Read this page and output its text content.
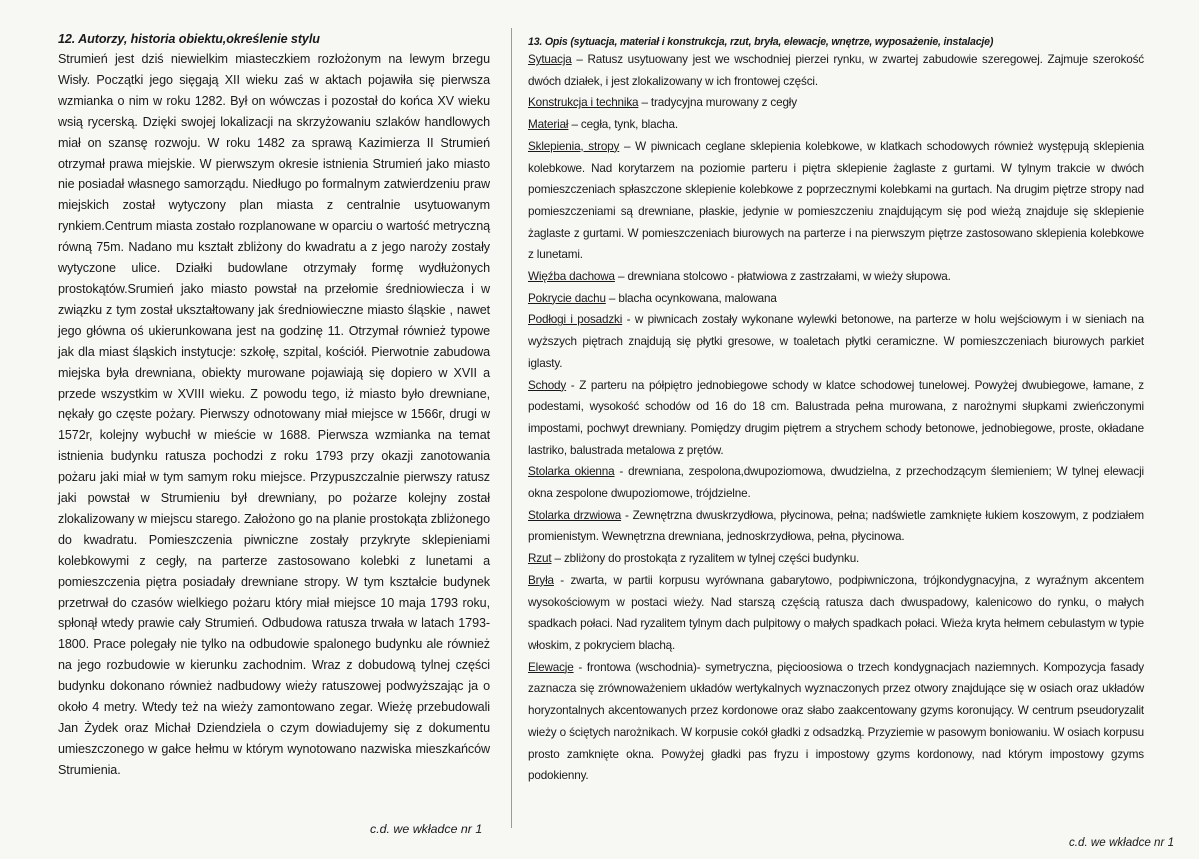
12. Autorzy, historia obiektu,określenie stylu

Strumień jest dziś niewielkim miasteczkiem rozłożonym na lewym brzegu Wisły. Początki jego sięgają XII wieku zaś w aktach pojawiła się pierwsza wzmianka o nim w roku 1282. Był on wówczas i pozostał do końca XV wieku wsią rycerską. Dzięki swojej lokalizacji na skrzyżowaniu szlaków handlowych miał on szansę rozwoju. W roku 1482 za sprawą Kazimierza II Strumień otrzymał prawa miejskie. W pierwszym okresie istnienia Strumień jako miasto nie posiadał własnego samorządu. Niedługo po formalnym zatwierdzeniu praw miejskich został wytyczony plan miasta z centralnie usytuowanym rynkiem.Centrum miasta zostało rozplanowane w oparciu o wartość metryczną równą 75m. Nadano mu kształt zbliżony do kwadratu a z jego naroży zostały wytyczone ulice. Działki budowlane otrzymały formę wydłużonych prostokątów.Srumień jako miasto powstał na przełomie średniowiecza i w związku z tym został ukształtowany jak średniowieczne miasto śląskie , nawet jego główna oś ukierunkowana jest na godzinę 11. Otrzymał również typowe jak dla miast śląskich instytucje: szkołę, szpital, kościół. Pierwotnie zabudowa miejska była drewniana, obiekty murowane pojawiają się dopiero w XVII a przede wszystkim w XVIII wieku. Z powodu tego, iż miasto było drewniane, nękały go częste pożary. Pierwszy odnotowany miał miejsce w 1566r, drugi w 1572r, kolejny wybuchł w mieście w 1688. Pierwsza wzmianka na temat istnienia budynku ratusza pochodzi z roku 1793 przy okazji zanotowania pożaru jaki miał w tym samym roku miejsce. Przypuszczalnie pierwszy ratusz jaki powstał w Strumieniu był drewniany, po pożarze kolejny został zlokalizowany w miejscu starego. Założono go na planie prostokąta zbliżonego do kwadratu. Pomieszczenia piwniczne zostały przykryte sklepieniami kolebkowymi z cegły, na parterze zastosowano kolebki z lunetami a pomieszczenia piętra posiadały drewniane stropy. W tym kształcie budynek przetrwał do czasów wielkiego pożaru który miał miejsce 10 maja 1793 roku, spłonął wtedy prawie cały Strumień. Odbudowa ratusza trwała w latach 1793-1800. Prace polegały nie tylko na odbudowie spalonego budynku ale również na jego rozbudowie w kierunku zachodnim. Wraz z dobudową tylnej części budynku dokonano również nadbudowy wieży ratuszowej podwyższając ja o około 4 metry. Wtedy też na wieży zamontowano zegar. Wieżę przebudowali Jan Żydek oraz Michał Dziendziela o czym dowiadujemy się z dokumentu umieszczonego w gałce hełmu w którym wynotowano nazwiska mieszkańców Strumienia.

13. Opis (sytuacja, materiał i konstrukcja, rzut, bryła, elewacje, wnętrze, wyposażenie, instalacje)

Sytuacja – Ratusz usytuowany jest we wschodniej pierzei rynku, w zwartej zabudowie szeregowej. Zajmuje szerokość dwóch działek, i jest zlokalizowany w ich frontowej części.

Konstrukcja i technika – tradycyjna murowany z cegły

Materiał – cegła, tynk, blacha.

Sklepienia, stropy – W piwnicach ceglane sklepienia kolebkowe, w klatkach schodowych również występują sklepienia kolebkowe. Nad korytarzem na poziomie parteru i piętra sklepienie żaglaste z gurtami. W tylnym trakcie w dwóch pomieszczeniach spłaszczone sklepienie kolebkowe z poprzecznymi kolebkami na gurtach. Na drugim piętrze stropy nad pomieszczeniami są drewniane, płaskie, jedynie w pomieszczeniu znajdującym się pod wieżą znajduje się sklepienie żaglaste z gurtami. W pomieszczeniach biurowych na parterze i na pierwszym piętrze zastosowano sklepienia kolebkowe z lunetami.

Więźba dachowa – drewniana stolcowo - płatwiowa z zastrzałami, w wieży słupowa.

Pokrycie dachu – blacha ocynkowana, malowana

Podłogi i posadzki - w piwnicach zostały wykonane wylewki betonowe, na parterze w holu wejściowym i w sieniach na wyższych piętrach znajdują się płytki gresowe, w toaletach płytki ceramiczne. W pomieszczeniach biurowych parkiet iglasty.

Schody - Z parteru na półpiętro jednobiegowe schody w klatce schodowej tunelowej. Powyżej dwubiegowe, łamane, z podestami, wysokość schodów od 16 do 18 cm. Balustrada pełna murowana, z narożnymi słupkami zwieńczonymi impostami, pochwyt drewniany. Pomiędzy drugim piętrem a strychem schody betonowe, jednobiegowe, proste, okładane lastriko, balustrada metalowa z prętów.

Stolarka okienna - drewniana, zespolona,dwupoziomowa, dwudzielna, z przechodzącym ślemieniem; W tylnej elewacji okna zespolone dwupoziomowe, trójdzielne.

Stolarka drzwiowa - Zewnętrzna dwuskrzydłowa, płycinowa, pełna; nadświetle zamknięte łukiem koszowym, z podziałem promienistym. Wewnętrzna drewniana, jednoskrzydłowa, pełna, płycinowa.

Rzut – zbliżony do prostokąta z ryzalitem w tylnej części budynku.

Bryła - zwarta, w partii korpusu wyrównana gabarytowo, podpiwniczona, trójkondygnacyjna, z wyraźnym akcentem wysokościowym w postaci wieży. Nad starszą częścią ratusza dach dwuspadowy, kalenicowo do rynku, o małych spadkach połaci. Nad ryzalitem tylnym dach pulpitowy o małych spadkach połaci. Wieża kryta hełmem cebulastym w typie włoskim, z pokryciem blachą.

Elewacje - frontowa (wschodnia)- symetryczna, pięcioosiowa o trzech kondygnacjach naziemnych. Kompozycja fasady zaznacza się zrównoważeniem układów wertykalnych wyznaczonych przez otwory znajdujące się w osiach oraz układów horyzontalnych akcentowanych przez kordonowe oraz słabo zaakcentowany gzyms koronujący. W centrum pseudoryzalit wieży o ściętych narożnikach. W korpusie cokół gładki z odsadzką. Przyziemie w pasowym boniowaniu. W osiach korpusu prosto zamknięte okna. Powyżej gładki pas fryzu i impostowy gzyms kordonowy, nad którym impostowy gzyms podokienny.

c.d. we wkładce nr 1
c.d. we wkładce nr 1
